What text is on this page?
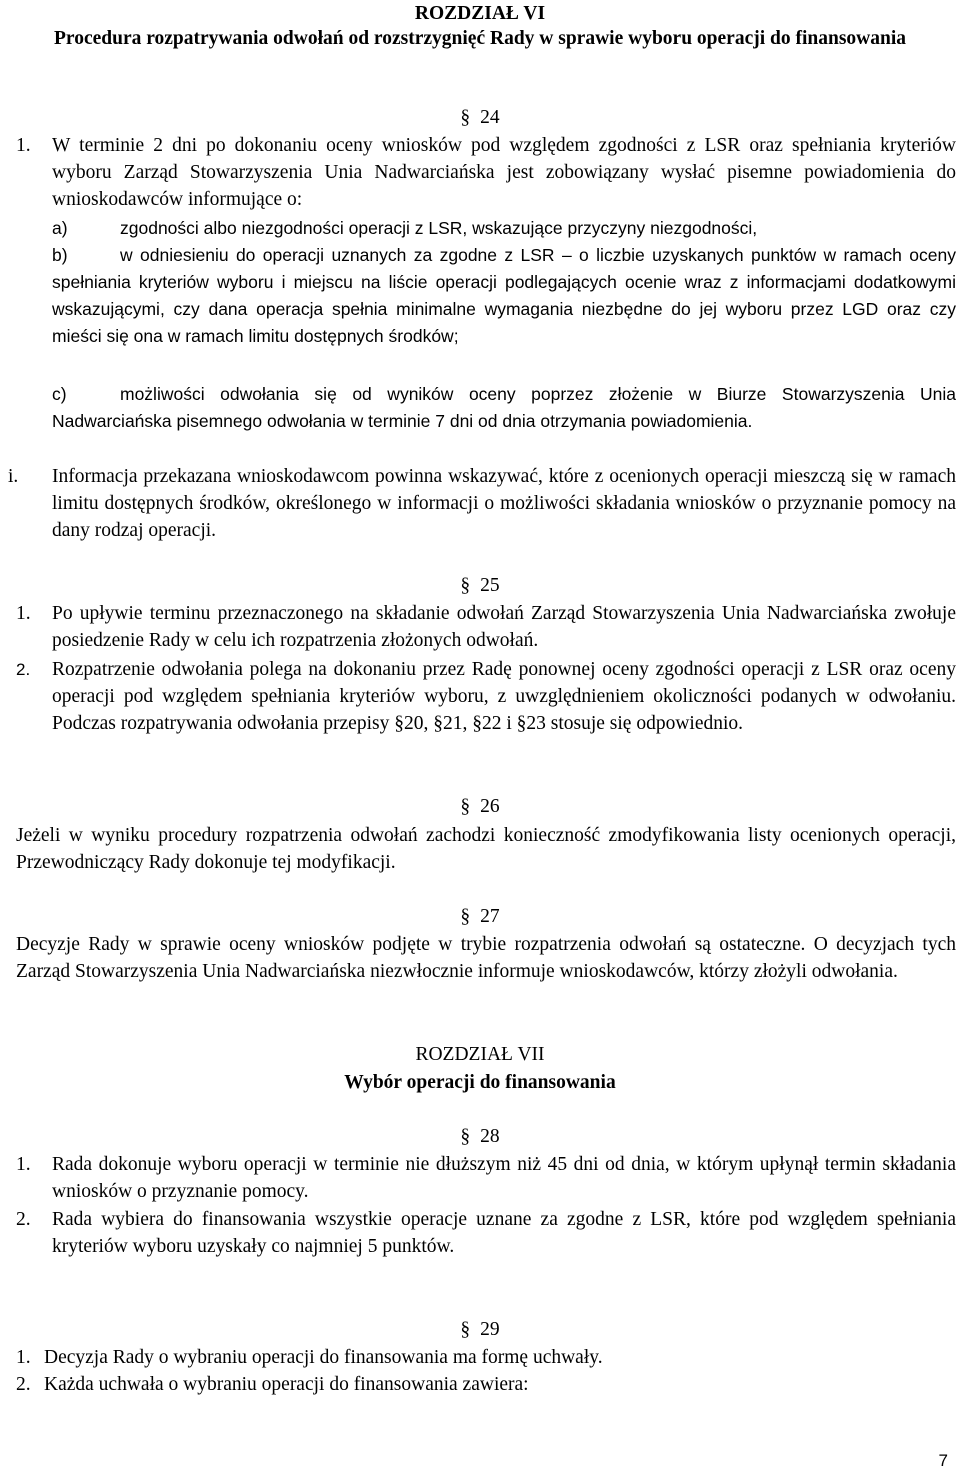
ROZDZIAŁ VI
Procedura rozpatrywania odwołań od rozstrzygnięć Rady w sprawie wyboru operacji do finansowania
§ 24
1. W terminie 2 dni po dokonaniu oceny wniosków pod względem zgodności z LSR oraz spełniania kryteriów wyboru Zarząd Stowarzyszenia Unia Nadwarciańska jest zobowiązany wysłać pisemne powiadomienia do wnioskodawców informujące o:
a)	zgodności albo niezgodności operacji z LSR, wskazujące przyczyny niezgodności,
b)	w odniesieniu do operacji uznanych za zgodne z LSR – o liczbie uzyskanych punktów w ramach oceny spełniania kryteriów wyboru i miejscu na liście operacji podlegających ocenie wraz z informacjami dodatkowymi wskazującymi, czy dana operacja spełnia minimalne wymagania niezbędne do jej wyboru przez LGD oraz czy mieści się ona w ramach limitu dostępnych środków;
c)	możliwości odwołania się od wyników oceny poprzez złożenie w Biurze Stowarzyszenia Unia Nadwarciańska pisemnego odwołania w terminie 7 dni od dnia otrzymania powiadomienia.
i. Informacja przekazana wnioskodawcom powinna wskazywać, które z ocenionych operacji mieszczą się w ramach limitu dostępnych środków, określonego w informacji o możliwości składania wniosków o przyznanie pomocy na dany rodzaj operacji.
§ 25
1. Po upływie terminu przeznaczonego na składanie odwołań Zarząd Stowarzyszenia Unia Nadwarciańska zwołuje posiedzenie Rady w celu ich rozpatrzenia złożonych odwołań.
2. Rozpatrzenie odwołania polega na dokonaniu przez Radę ponownej oceny zgodności operacji z LSR oraz oceny operacji pod względem spełniania kryteriów wyboru, z uwzględnieniem okoliczności podanych w odwołaniu. Podczas rozpatrywania odwołania przepisy §20, §21, §22 i §23 stosuje się odpowiednio.
§ 26
Jeżeli w wyniku procedury rozpatrzenia odwołań zachodzi konieczność zmodyfikowania listy ocenionych operacji, Przewodniczący Rady dokonuje tej modyfikacji.
§ 27
Decyzje Rady w sprawie oceny wniosków podjęte w trybie rozpatrzenia odwołań są ostateczne. O decyzjach tych Zarząd Stowarzyszenia Unia Nadwarciańska niezwłocznie informuje wnioskodawców, którzy złożyli odwołania.
ROZDZIAŁ VII
Wybór operacji do finansowania
§ 28
1. Rada dokonuje wyboru operacji w terminie nie dłuższym niż 45 dni od dnia, w którym upłynął termin składania wniosków o przyznanie pomocy.
2. Rada wybiera do finansowania wszystkie operacje uznane za zgodne z LSR, które pod względem spełniania kryteriów wyboru uzyskały co najmniej 5 punktów.
§ 29
1. Decyzja Rady o wybraniu operacji do finansowania ma formę uchwały.
2. Każda uchwała o wybraniu operacji do finansowania zawiera:
7
